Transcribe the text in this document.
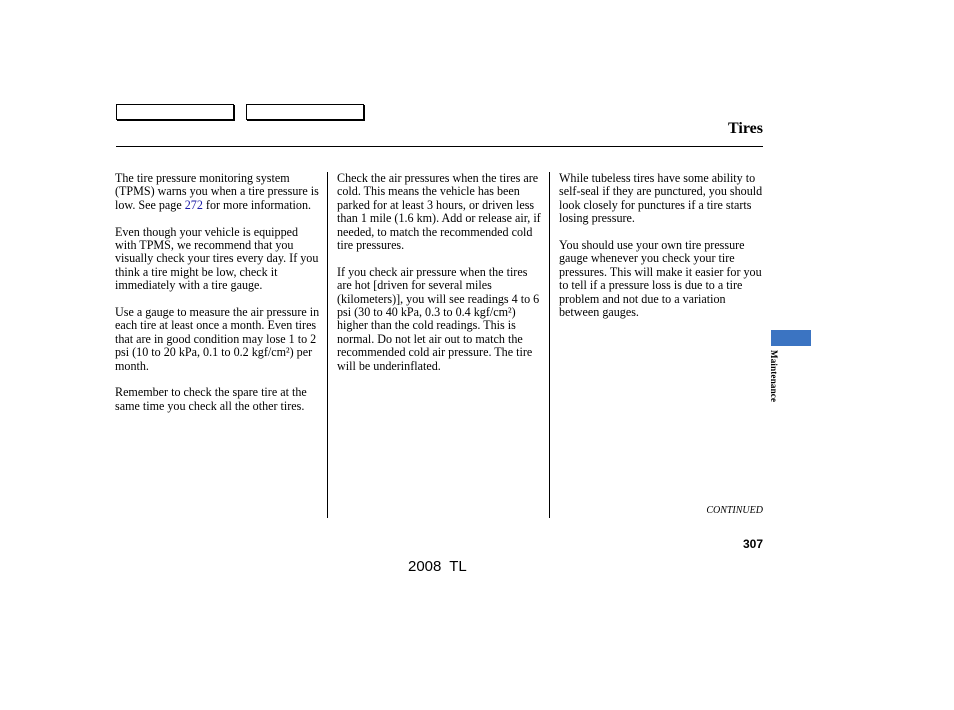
Tires

The tire pressure monitoring system (TPMS) warns you when a tire pressure is low. See page 272 for more information.

Even though your vehicle is equipped with TPMS, we recommend that you visually check your tires every day. If you think a tire might be low, check it immediately with a tire gauge.

Use a gauge to measure the air pressure in each tire at least once a month. Even tires that are in good condition may lose 1 to 2 psi (10 to 20 kPa, 0.1 to 0.2 kgf/cm²) per month.

Remember to check the spare tire at the same time you check all the other tires.

Check the air pressures when the tires are cold. This means the vehicle has been parked for at least 3 hours, or driven less than 1 mile (1.6 km). Add or release air, if needed, to match the recommended cold tire pressures.

If you check air pressure when the tires are hot [driven for several miles (kilometers)], you will see readings 4 to 6 psi (30 to 40 kPa, 0.3 to 0.4 kgf/cm²) higher than the cold readings. This is normal. Do not let air out to match the recommended cold air pressure. The tire will be underinflated.

While tubeless tires have some ability to self-seal if they are punctured, you should look closely for punctures if a tire starts losing pressure.

You should use your own tire pressure gauge whenever you check your tire pressures. This will make it easier for you to tell if a pressure loss is due to a tire problem and not due to a variation between gauges.

Maintenance
CONTINUED
307
2008 TL
